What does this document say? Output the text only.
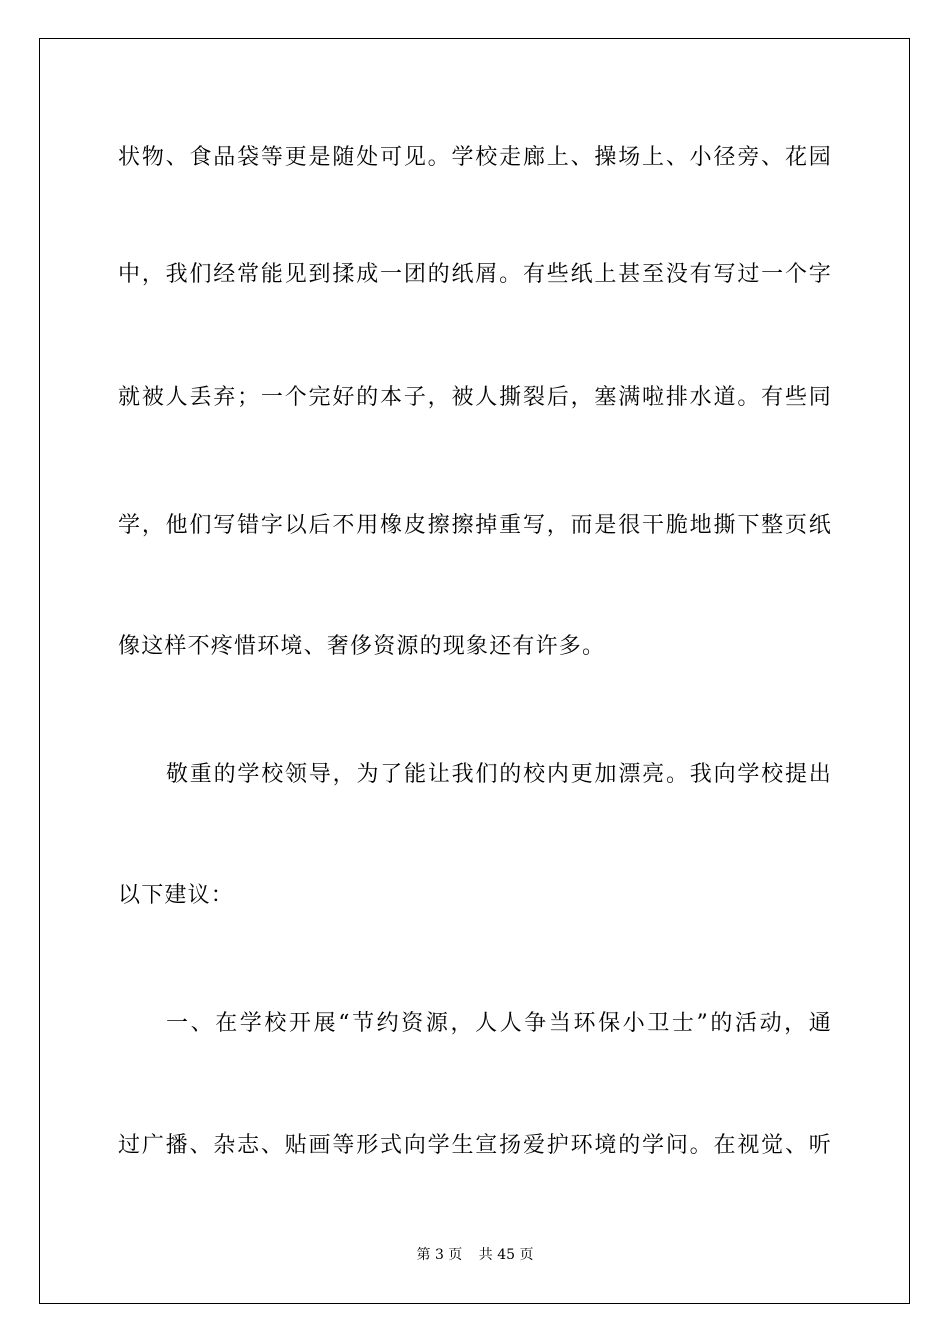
状物、食品袋等更是随处可见。学校走廊上、操场上、小径旁、花园
中，我们经常能见到揉成一团的纸屑。有些纸上甚至没有写过一个字
就被人丢弃；一个完好的本子，被人撕裂后，塞满啦排水道。有些同
学，他们写错字以后不用橡皮擦擦掉重写，而是很干脆地撕下整页纸
像这样不疼惜环境、奢侈资源的现象还有许多。
敬重的学校领导，为了能让我们的校内更加漂亮。我向学校提出
以下建议：
一、在学校开展“节约资源，人人争当环保小卫士”的活动，通
过广播、杂志、贴画等形式向学生宣扬爱护环境的学问。在视觉、听
第 3 页 共 45 页
